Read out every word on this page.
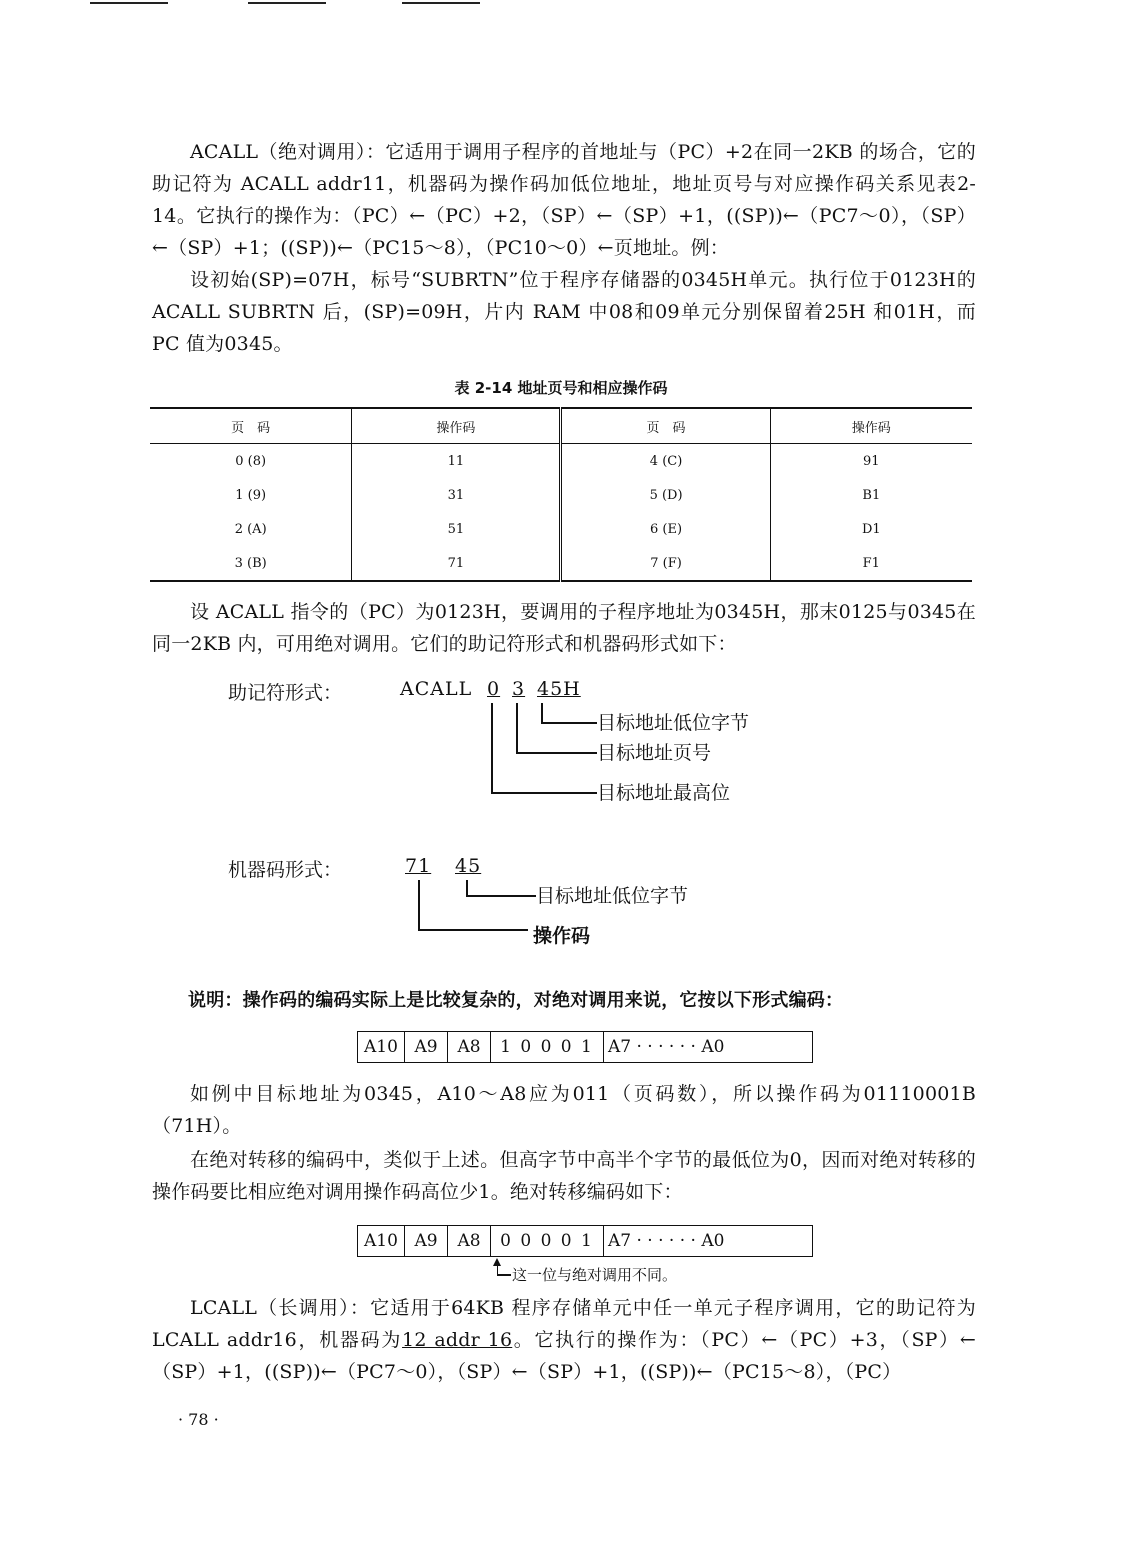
ACALL（绝对调用）：它适用于调用子程序的首地址与（PC）+2在同一2KB 的场合，它的助记符为 ACALL addr11，机器码为操作码加低位地址，地址页号与对应操作码关系见表2-14。它执行的操作为：（PC）←（PC）+2，（SP）←（SP）+1，((SP))←（PC7～0），（SP）←（SP）+1；((SP))←（PC15～8），（PC10～0）←页地址。例：

设初始(SP)=07H，标号“SUBRTN”位于程序存储器的0345H单元。执行位于0123H的 ACALL SUBRTN 后，(SP)=09H，片内 RAM 中08和09单元分别保留着25H 和01H，而 PC 值为0345。

表 2-14 地址页号和相应操作码
页　码	操作码	页　码	操作码
0 (8)	11	4 (C)	91
1 (9)	31	5 (D)	B1
2 (A)	51	6 (E)	D1
3 (B)	71	7 (F)	F1

设 ACALL 指令的（PC）为0123H，要调用的子程序地址为0345H，那末0125与0345在同一2KB 内，可用绝对调用。它们的助记符形式和机器码形式如下：

助记符形式：	ACALL 0 3 45H
目标地址低位字节
目标地址页号
目标地址最高位
机器码形式：	71 45
目标地址低位字节
操作码

说明：操作码的编码实际上是比较复杂的，对绝对调用来说，它按以下形式编码：

A10 A9	A8	1 0 0 0 1 A7 · · · · · · A0

如例中目标地址为0345，A10～A8应为011（页码数），所以操作码为01110001B（71H）。

在绝对转移的编码中，类似于上述。但高字节中高半个字节的最低位为0，因而对绝对转移的操作码要比相应绝对调用操作码高位少1。绝对转移编码如下：

A10 A9	A8	0 0 0 0 1 A7 · · · · · · A0
这一位与绝对调用不同。

LCALL（长调用）：它适用于64KB 程序存储单元中任一单元子程序调用，它的助记符为 LCALL addr16，机器码为12 addr 16。它执行的操作为：（PC）←（PC）+3，（SP）←（SP）+1，((SP))←（PC7～0），（SP）←（SP）+1，((SP))←（PC15～8），（PC）

· 78 ·
